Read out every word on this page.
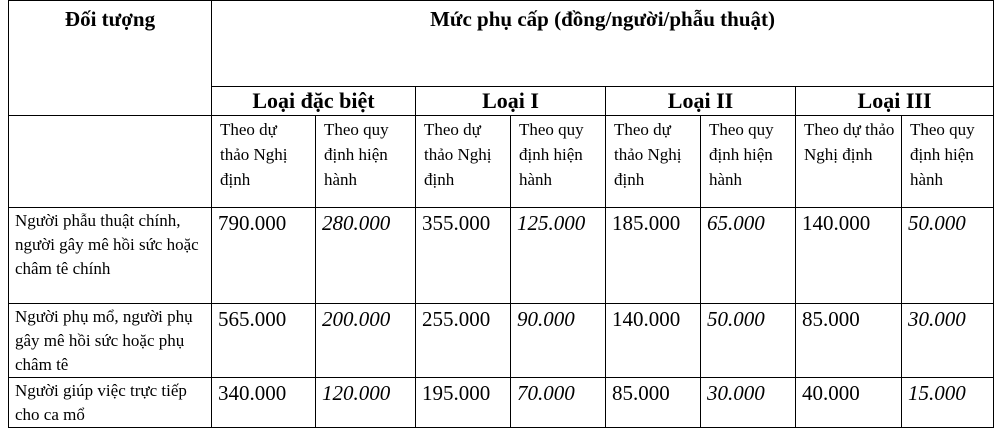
Đối tượng	Mức phụ cấp (đồng/người/phẫu thuật)							

	Loại đặc biệt		Loại I		Loại II		Loại III	
	Theo dự thảo Nghị định	Theo quy định hiện hành	Theo dự thảo Nghị định	Theo quy định hiện hành	Theo dự thảo Nghị định	Theo quy định hiện hành	Theo dự thảo Nghị định	Theo quy định hiện hành
Người phẫu thuật chính, người gây mê hồi sức hoặc châm tê chính	790.000	280.000	355.000	125.000	185.000	65.000	140.000	50.000
Người phụ mổ, người phụ gây mê hồi sức hoặc phụ châm tê	565.000	200.000	255.000	90.000	140.000	50.000	85.000	30.000
Người giúp việc trực tiếp cho ca mổ	340.000	120.000	195.000	70.000	85.000	30.000	40.000	15.000
